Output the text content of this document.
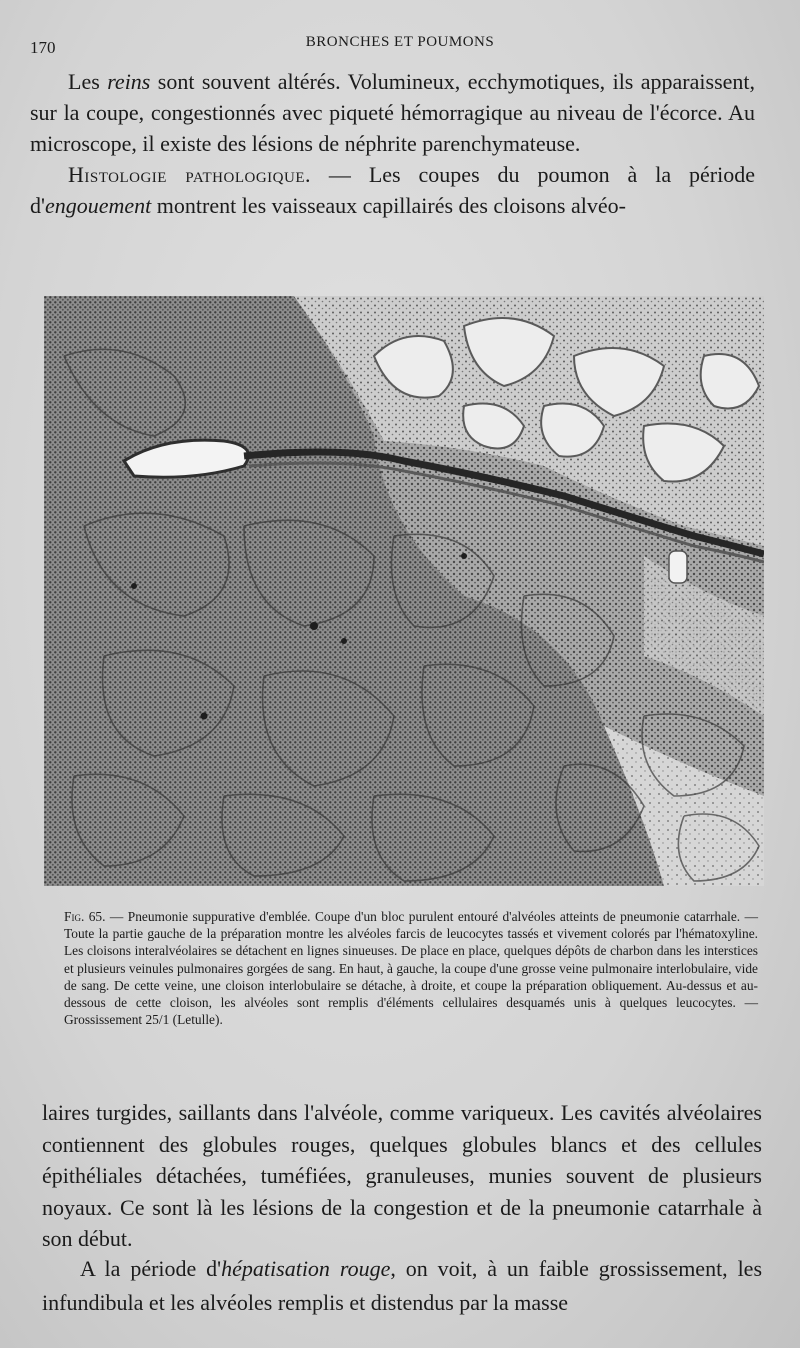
170	BRONCHES ET POUMONS
Les reins sont souvent altérés. Volumineux, ecchymotiques, ils apparaissent, sur la coupe, congestionnés avec piqueté hémorragique au niveau de l'écorce. Au microscope, il existe des lésions de néphrite parenchymateuse.
Histologie pathologique. — Les coupes du poumon à la période d'engouement montrent les vaisseaux capillairés des cloisons alvéo-
Fig. 65. — Pneumonie suppurative d'emblée. Coupe d'un bloc purulent entouré d'alvéoles atteints de pneumonie catarrhale. — Toute la partie gauche de la préparation montre les alvéoles farcis de leucocytes tassés et vivement colorés par l'hématoxyline. Les cloisons interalvéolaires se détachent en lignes sinueuses. De place en place, quelques dépôts de charbon dans les interstices et plusieurs veinules pulmonaires gorgées de sang. En haut, à gauche, la coupe d'une grosse veine pulmonaire interlobulaire, vide de sang. De cette veine, une cloison interlobulaire se détache, à droite, et coupe la préparation obliquement. Au-dessus et au-dessous de cette cloison, les alvéoles sont remplis d'éléments cellulaires desquamés unis à quelques leucocytes. — Grossissement 25/1 (Letulle).
laires turgides, saillants dans l'alvéole, comme variqueux. Les cavités alvéolaires contiennent des globules rouges, quelques globules blancs et des cellules épithéliales détachées, tuméfiées, granuleuses, munies souvent de plusieurs noyaux. Ce sont là les lésions de la congestion et de la pneumonie catarrhale à son début.
A la période d'hépatisation rouge, on voit, à un faible grossissement, les infundibula et les alvéoles remplis et distendus par la masse
